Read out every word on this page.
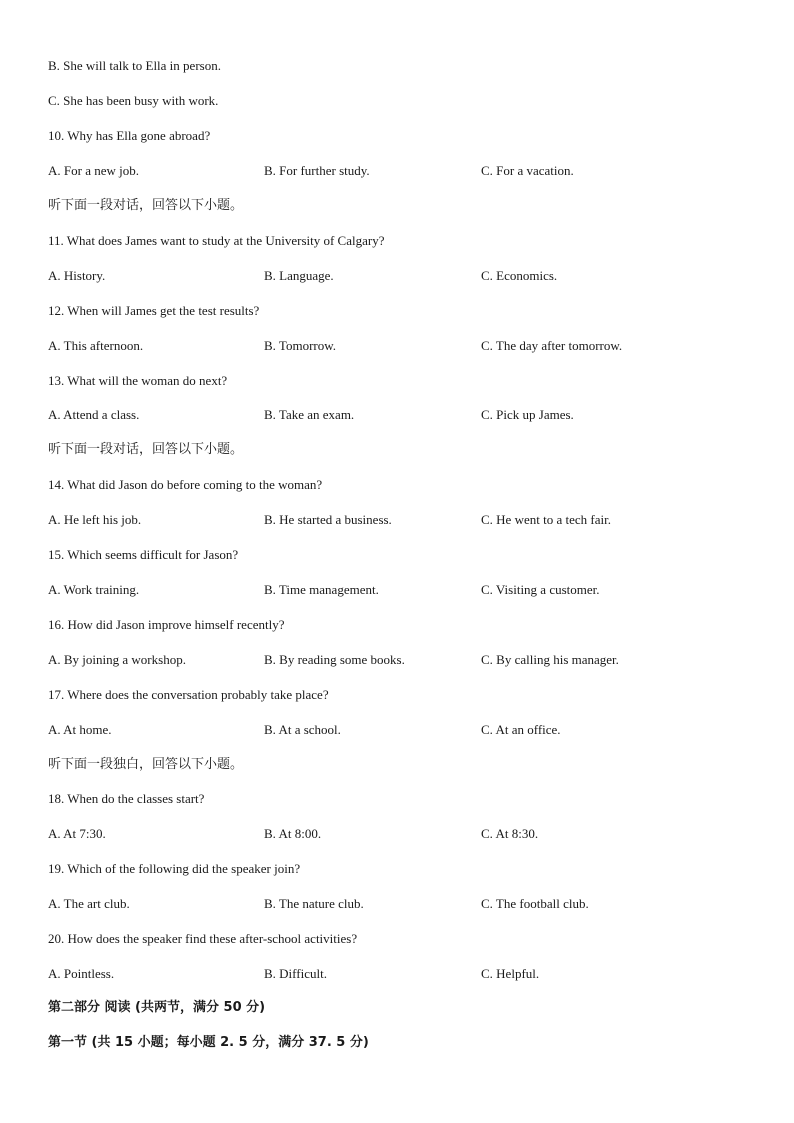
B. She will talk to Ella in person.
C. She has been busy with work.
10. Why has Ella gone abroad?
A. For a new job.	B. For further study.	C. For a vacation.
听下面一段对话，回答以下小题。
11. What does James want to study at the University of Calgary?
A. History.	B. Language.	C. Economics.
12. When will James get the test results?
A. This afternoon.	B. Tomorrow.	C. The day after tomorrow.
13. What will the woman do next?
A. Attend a class.	B. Take an exam.	C. Pick up James.
听下面一段对话，回答以下小题。
14. What did Jason do before coming to the woman?
A. He left his job.	B. He started a business.	C. He went to a tech fair.
15. Which seems difficult for Jason?
A. Work training.	B. Time management.	C. Visiting a customer.
16. How did Jason improve himself recently?
A. By joining a workshop.	B. By reading some books.	C. By calling his manager.
17. Where does the conversation probably take place?
A. At home.	B. At a school.	C. At an office.
听下面一段独白，回答以下小题。
18. When do the classes start?
A. At 7:30.	B. At 8:00.	C. At 8:30.
19. Which of the following did the speaker join?
A. The art club.	B. The nature club.	C. The football club.
20. How does the speaker find these after-school activities?
A. Pointless.	B. Difficult.	C. Helpful.
第二部分 阅读 (共两节，满分 50 分)
第一节 (共 15 小题；每小题 2. 5 分，满分 37. 5 分)
